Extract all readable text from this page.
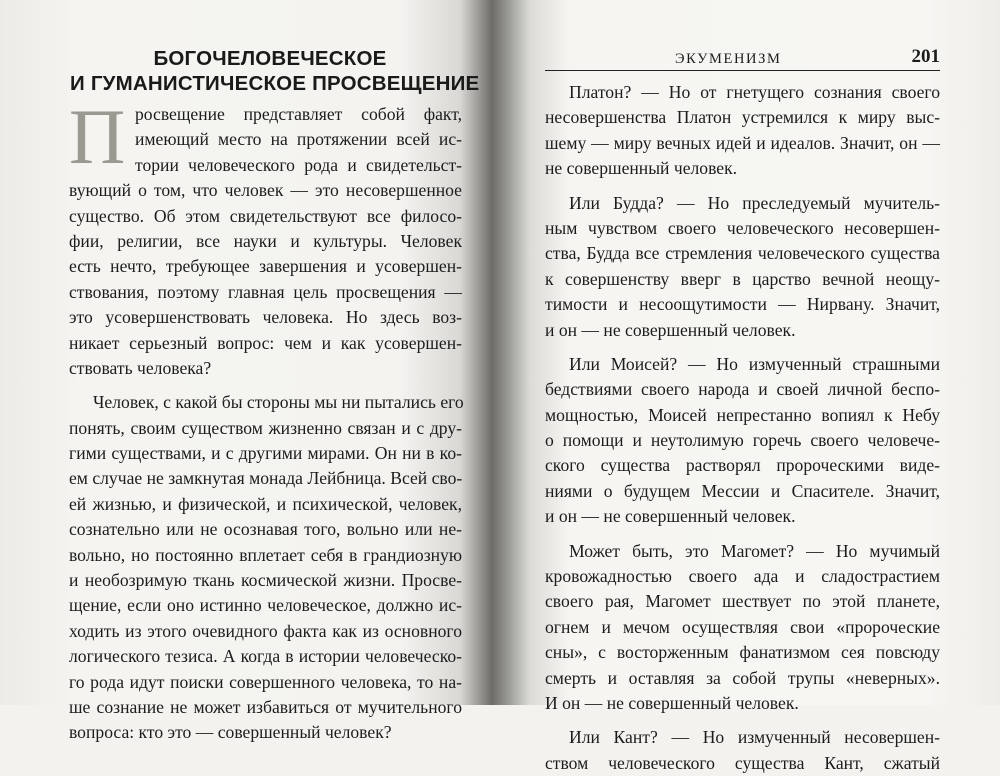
БОГОЧЕЛОВЕЧЕСКОЕ
И ГУМАНИСТИЧЕСКОЕ ПРОСВЕЩЕНИЕ
П росвещение представляет собой факт,
имеющий место на протяжении всей ис-
тории человеческого рода и свидетельст-
вующий о том, что человек — это несовершенное
существо. Об этом свидетельствуют все филосо-
фии, религии, все науки и культуры. Человек
есть нечто, требующее завершения и усовершен-
ствования, поэтому главная цель просвещения —
это усовершенствовать человека. Но здесь воз-
никает серьезный вопрос: чем и как усовершен-
ствовать человека?
Человек, с какой бы стороны мы ни пытались его
понять, своим существом жизненно связан и с дру-
гими существами, и с другими мирами. Он ни в ко-
ем случае не замкнутая монада Лейбница. Всей сво-
ей жизнью, и физической, и психической, человек,
сознательно или не осознавая того, вольно или не-
вольно, но постоянно вплетает себя в грандиозную
и необозримую ткань космической жизни. Просве-
щение, если оно истинно человеческое, должно ис-
ходить из этого очевидного факта как из основного
логического тезиса. А когда в истории человеческо-
го рода идут поиски совершенного человека, то на-
ше сознание не может избавиться от мучительного
вопроса: кто это — совершенный человек?
ЭКУМЕНИЗМ	201
Платон? — Но от гнетущего сознания своего
несовершенства Платон устремился к миру выс-
шему — миру вечных идей и идеалов. Значит, он —
не совершенный человек.
Или Будда? — Но преследуемый мучитель-
ным чувством своего человеческого несовершен-
ства, Будда все стремления человеческого существа
к совершенству вверг в царство вечной неощу-
тимости и несоощутимости — Нирвану. Значит,
и он — не совершенный человек.
Или Моисей? — Но измученный страшными
бедствиями своего народа и своей личной беспо-
мощностью, Моисей непрестанно вопиял к Небу
о помощи и неутолимую горечь своего человече-
ского существа растворял пророческими виде-
ниями о будущем Мессии и Спасителе. Значит,
и он — не совершенный человек.
Может быть, это Магомет? — Но мучимый
кровожадностью своего ада и сладострастием
своего рая, Магомет шествует по этой планете,
огнем и мечом осуществляя свои «пророческие
сны», с восторженным фанатизмом сея повсюду
смерть и оставляя за собой трупы «неверных».
И он — не совершенный человек.
Или Кант? — Но измученный несовершен-
ством человеческого существа Кант, сжатый
